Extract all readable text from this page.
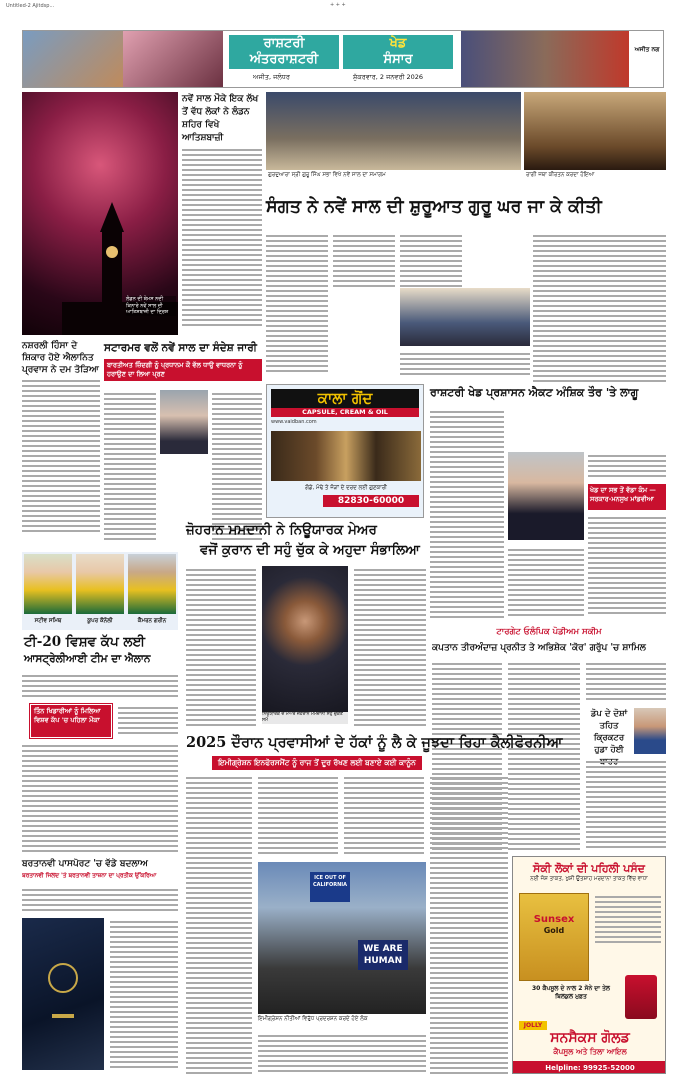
Untitled-2 Ajitdsp...	+ + +
ਰਾਸ਼ਟਰੀ
ਅੰਤਰਰਾਸ਼ਟਰੀ
ਖੇਡ
ਸੰਸਾਰ
ਅਜੀਤ, ਜਲੰਧਰ	ਸ਼ੁੱਕਰਵਾਰ, 2 ਜਨਵਰੀ 2026
ਅਜੀਤ ਨਗ
ਲੰਡਨ ਦੀ ਥੇਮਸ ਨਦੀ ਕਿਨਾਰੇ ਨਵੇਂ ਸਾਲ ਦੀ ਆਤਿਸ਼ਬਾਜ਼ੀ ਦਾ ਦ੍ਰਿਸ਼
ਨਵੇਂ ਸਾਲ ਮੌਕੇ ਇਕ ਲੱਖ ਤੋਂ ਵੱਧ ਲੋਕਾਂ ਨੇ ਲੰਡਨ ਸ਼ਹਿਰ ਵਿਖੇ ਆਤਿਸ਼ਬਾਜ਼ੀ
ਗੁਰਦੁਆਰਾ ਸ੍ਰੀ ਗੁਰੂ ਸਿੰਘ ਸਭਾ ਵਿਖੇ ਨਵੇਂ ਸਾਲ ਦਾ ਸਮਾਗਮ	ਰਾਗੀ ਜਥਾ ਕੀਰਤਨ ਕਰਦਾ ਹੋਇਆ
ਸੰਗਤ ਨੇ ਨਵੇਂ ਸਾਲ ਦੀ ਸ਼ੁਰੂਆਤ ਗੁਰੂ ਘਰ ਜਾ ਕੇ ਕੀਤੀ
ਨਸ਼ਰਲੀ ਹਿੰਸਾ ਦੇ ਸ਼ਿਕਾਰ ਹੋਏ ਐਲਾਨਿਤ ਪ੍ਰਵਾਸ ਨੇ ਦਮ ਤੋੜਿਆ
ਸਟਾਰਮਰ ਵਲੋਂ ਨਵੇਂ ਸਾਲ ਦਾ ਸੰਦੇਸ਼ ਜਾਰੀ
ਬਾਰਤੀਅਤ ਜ਼ਿੰਦਗੀ ਨੂੰ ਪ੍ਰਧਾਨਮ ਕੌ ਵੱਲ ਧਾਉ ਵਾਧਰਨਾ ਨੂੰ ਹਰਾਉਣ ਦਾ ਲਿਆ ਪ੍ਰਣ
ਕਾਲਾ ਗੋਂਦ
CAPSULE, CREAM & OIL
www.vaidban.com
ਗੋਡੇ, ਮੋਢੇ ਤੇ ਜੋੜਾਂ ਦੇ ਦਰਦ ਲਈ ਗੁਣਕਾਰੀ
82830-60000
ਰਾਸ਼ਟਰੀ ਖੇਡ ਪ੍ਰਸ਼ਾਸਨ ਐਕਟ ਅੰਸ਼ਿਕ ਤੌਰ 'ਤੇ ਲਾਗੂ
ਖੇਡ ਦਾ ਸਭ ਤੋਂ ਵੱਡਾ ਕੰਮ — ਸਰਕਾਰ-ਮਨਸੁਖ ਮਾਂਡਵੀਆ
ਸਟੀਵ ਸਮਿਥ	ਕੂਪਰ ਕੌਨੋਲੀ	ਕੈਮਰਨ ਗਰੀਨ
ਟੀ-20 ਵਿਸ਼ਵ ਕੱਪ ਲਈ
ਆਸਟ੍ਰੇਲੀਆਈ ਟੀਮ ਦਾ ਐਲਾਨ
ਤਿੰਨ ਖਿਡਾਰੀਆਂ ਨੂੰ ਮਿਲਿਆ ਵਿਸ਼ਵ ਕੱਪ 'ਚ ਪਹਿਲਾ ਮੌਕਾ
ਜ਼ੋਹਰਾਨ ਮਮਦਾਨੀ ਨੇ ਨਿਊਯਾਰਕ ਮੇਅਰ
ਵਜੋਂ ਕੁਰਾਨ ਦੀ ਸਹੁੰ ਚੁੱਕ ਕੇ ਅਹੁਦਾ ਸੰਭਾਲਿਆ
ਨਿਊਯਾਰਕ ਦੇ ਮੇਅਰ ਜ਼ੋਹਰਾਨ ਮਮਦਾਨੀ ਸਹੁੰ ਚੁੱਕਣ ਸਮੇਂ
ਟਾਰਗੇਟ ਓਲੰਪਿਕ ਪੋਡੀਅਮ ਸਕੀਮ
ਕਪਤਾਨ ਤੀਰਅੰਦਾਜ਼ ਪ੍ਰਨੀਤ ਤੇ ਅਭਿਸ਼ੇਕ 'ਕੋਰ' ਗਰੁੱਪ 'ਚ ਸ਼ਾਮਿਲ
ਡੋਪ ਦੇ ਦੋਸ਼ਾਂ ਤਹਿਤ ਕ੍ਰਿਕਟਰ ਹੁਡਾ ਹੋਈ
2025 ਦੌਰਾਨ ਪ੍ਰਵਾਸੀਆਂ ਦੇ ਹੱਕਾਂ ਨੂੰ ਲੈ ਕੇ ਜੂਝਦਾ ਰਿਹਾ ਕੈਲੀਫੋਰਨੀਆ
ਇਮੀਗ੍ਰੇਸ਼ਨ ਇਨਫੋਰਸਮੈਂਟ ਨੂੰ ਰਾਜ ਤੋਂ ਦੂਰ ਰੱਖਣ ਲਈ ਬਣਾਏ ਕਈ ਕਾਨੂੰਨ
ICE OUT OF CALIFORNIA
WE ARE HUMAN
ਇਮੀਗ੍ਰੇਸ਼ਨ ਨੀਤੀਆਂ ਵਿਰੁੱਧ ਪ੍ਰਦਰਸ਼ਨ ਕਰਦੇ ਹੋਏ ਲੋਕ
ਬਰਤਾਨਵੀ ਪਾਸਪੋਰਟ 'ਚ ਵੱਡੇ ਬਦਲਾਅ
ਬਰਤਾਨਵੀ ਜਿਲਦ 'ਤੇ ਬਰਤਾਨਵੀ ਤਾਜ਼ਨਾ ਦਾ ਪ੍ਰਤੀਕ ਉੱਕਰਿਆ
ਸੋਕੀ ਲੋਕਾਂ ਦੀ ਪਹਿਲੀ ਪਸੰਦ
ਨਈ ਜੋਸ਼ ਤਾਕਤ, ਖੁਸ਼ੀ ਉਤਸ਼ਾਹ ਮਰਦਾਨਾ ਤਾਕਤ ਵਿੱਚ ਵਾਧਾ
Sunsex
Gold
30 ਕੈਪਸੂਲ ਦੇ ਨਾਲ 2 ਸੋਨੇ ਦਾ ਤੇਲ ਬਿਲਕੁਲ ਮੁਫ਼ਤ
JOLLY
ਸਨਸੈਕਸ ਗੋਲਡ
ਕੈਪਸੂਲ ਅਤੇ ਤਿਲਾ ਆਇਲ
Helpline: 99925-52000
